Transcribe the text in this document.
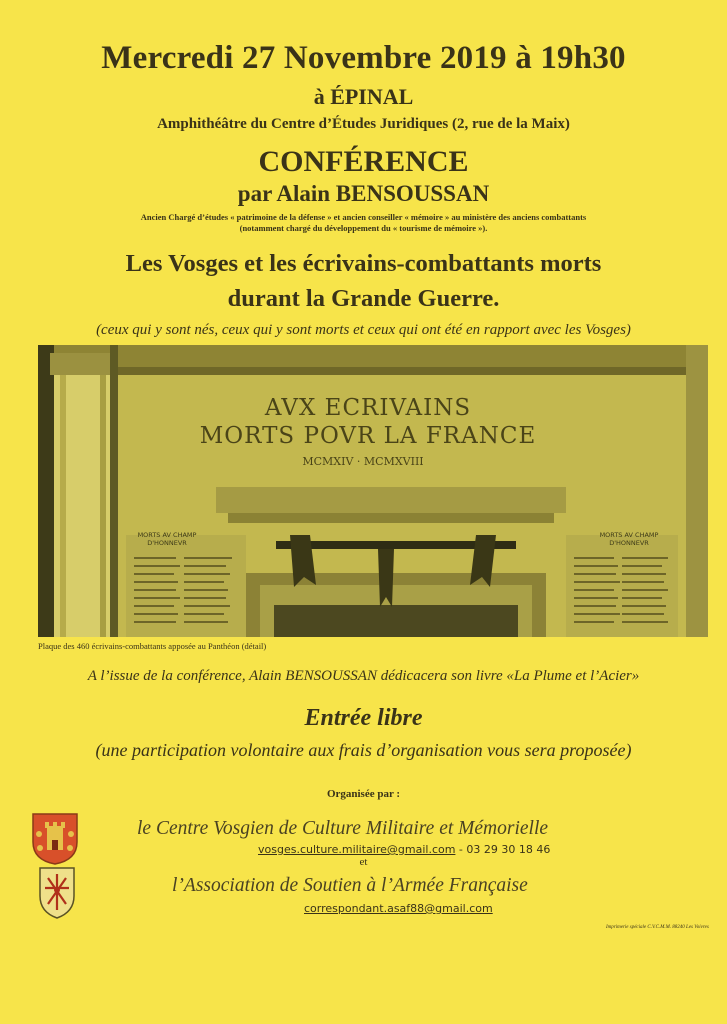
Mercredi 27 Novembre 2019 à 19h30
à ÉPINAL
Amphithéâtre du Centre d’Études Juridiques (2, rue de la Maix)
CONFÉRENCE
par Alain BENSOUSSAN
Ancien Chargé d’études « patrimoine de la défense » et ancien conseiller « mémoire » au ministère des anciens combattants
(notamment chargé du développement du « tourisme de mémoire »).
Les Vosges et les écrivains-combattants morts
durant la Grande Guerre.
(ceux qui y sont nés, ceux qui y sont morts et ceux qui ont été en rapport avec les Vosges)
AVX ECRIVAINS
MORTS POVR LA FRANCE
MCMXIV · MCMXVIII
MORTS AV CHAMP D'HONNEVR
MORTS AV CHAMP D'HONNEVR
Plaque des 460 écrivains-combattants apposée au Panthéon (détail)
A l’issue de la conférence, Alain BENSOUSSAN dédicacera son livre «La Plume et l’Acier»
Entrée libre
(une participation volontaire aux frais d’organisation vous sera proposée)
Organisée par :
le Centre Vosgien de Culture Militaire et Mémorielle
vosges.culture.militaire@gmail.com - 03 29 30 18 46
et
l’Association de Soutien à l’Armée Française
correspondant.asaf88@gmail.com
Imprimerie spéciale C.V.C.M.M. 88240 Les Voivres
